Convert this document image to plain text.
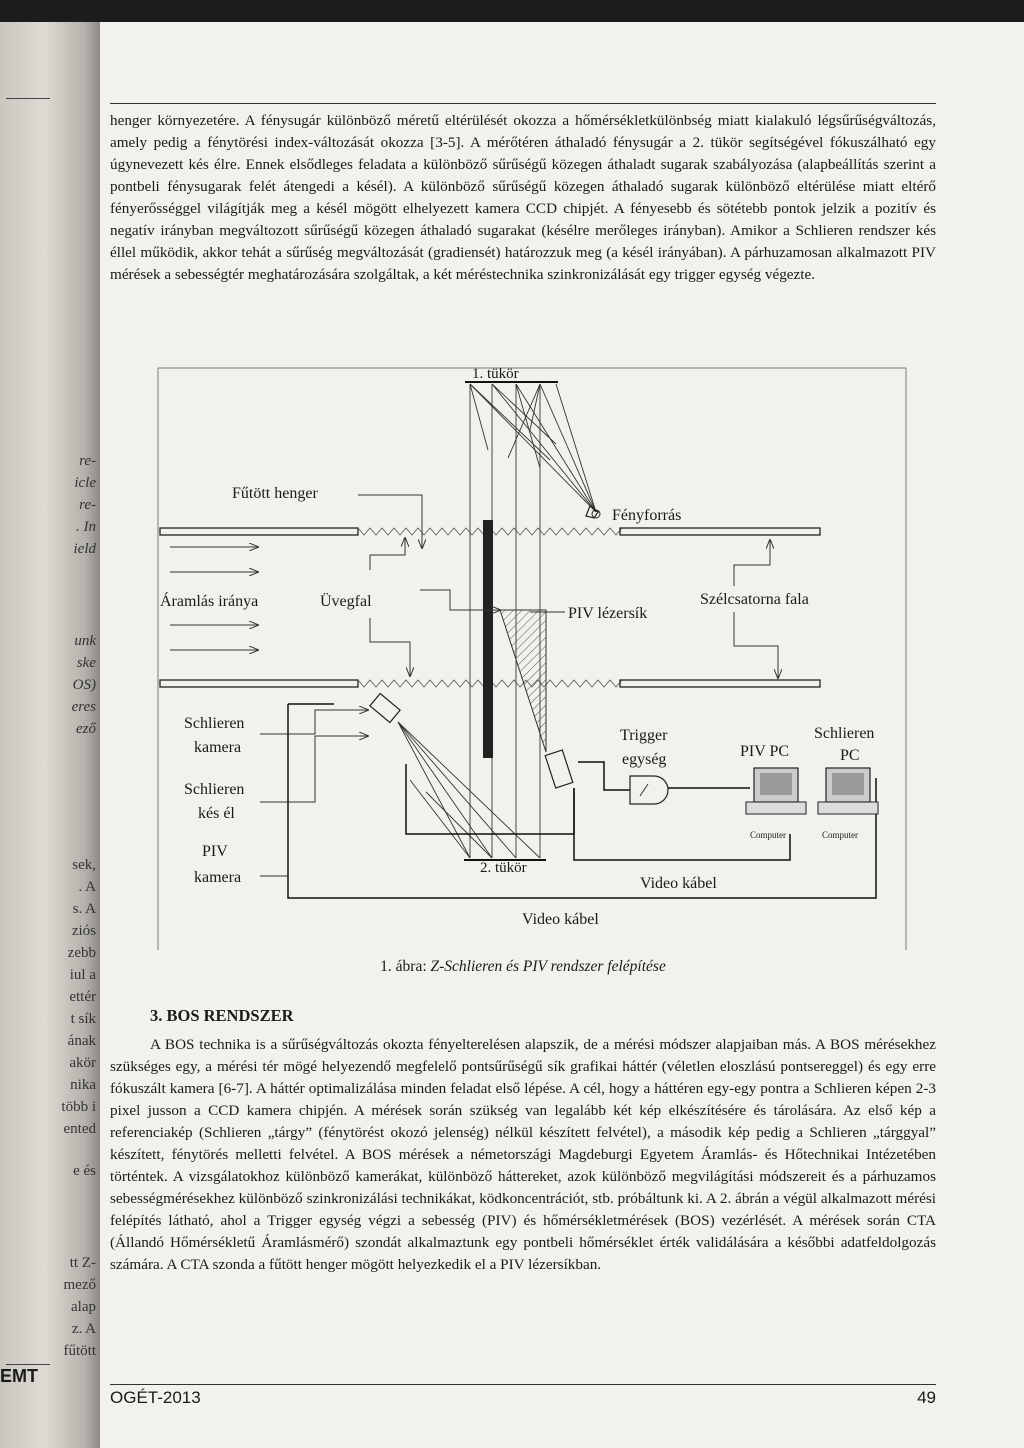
re-
icle
re-
. In
ield
unk
ske
OS)
eres
ező
sek,
. A
s. A
ziós
zebb
iul a
ettér
t sík
ának
akör
nika
több i
ented
e és
tt Z-
mező
alap
z. A
fűtött
EMT
henger környezetére. A fénysugár különböző méretű eltérülését okozza a hőmérsékletkülönbség miatt kialakuló légsűrűségváltozás, amely pedig a fénytörési index-változását okozza [3-5]. A mérőtéren áthaladó fénysugár a 2. tükör segítségével fókuszálható egy úgynevezett kés élre. Ennek elsődleges feladata a különböző sűrűségű közegen áthaladt sugarak szabályozása (alapbeállítás szerint a pontbeli fénysugarak felét átengedi a késél). A különböző sűrűségű közegen áthaladó sugarak különböző eltérülése miatt eltérő fényerősséggel világítják meg a késél mögött elhelyezett kamera CCD chipjét. A fényesebb és sötétebb pontok jelzik a pozitív és negatív irányban megváltozott sűrűségű közegen áthaladó sugarakat (késélre merőleges irányban). Amikor a Schlieren rendszer kés éllel működik, akkor tehát a sűrűség megváltozását (gradiensét) határozzuk meg (a késél irányában). A párhuzamosan alkalmazott PIV mérések a sebességtér meghatározására szolgáltak, a két méréstechnika szinkronizálását egy trigger egység végezte.
1. tükör
Fényforrás
Fűtött henger
Üvegfal
PIV lézersík
Szélcsatorna fala
Áramlás iránya
2. tükör
Schlieren
kamera
Schlieren
kés él
PIV
kamera
Trigger
egység	PIV PC
Computer
Schlieren
PC
Computer
Video kábel
Video kábel
1. ábra: Z-Schlieren és PIV rendszer felépítése
3. BOS RENDSZER
A BOS technika is a sűrűségváltozás okozta fényelterelésen alapszik, de a mérési módszer alapjaiban más. A BOS mérésekhez szükséges egy, a mérési tér mögé helyezendő megfelelő pontsűrűségű sík grafikai háttér (véletlen eloszlású pontsereggel) és egy erre fókuszált kamera [6-7]. A háttér optimalizálása minden feladat első lépése. A cél, hogy a háttéren egy-egy pontra a Schlieren képen 2-3 pixel jusson a CCD kamera chipjén. A mérések során szükség van legalább két kép elkészítésére és tárolására. Az első kép a referenciakép (Schlieren „tárgy” (fénytörést okozó jelenség) nélkül készített felvétel), a második kép pedig a Schlieren „tárggyal” készített, fénytörés melletti felvétel. A BOS mérések a németországi Magdeburgi Egyetem Áramlás- és Hőtechnikai Intézetében történtek. A vizsgálatokhoz különböző kamerákat, különböző háttereket, azok különböző megvilágítási módszereit és a párhuzamos sebességmérésekhez különböző szinkronizálási technikákat, ködkoncentrációt, stb. próbáltunk ki. A 2. ábrán a végül alkalmazott mérési felépítés látható, ahol a Trigger egység végzi a sebesség (PIV) és hőmérsékletmérések (BOS) vezérlését. A mérések során CTA (Állandó Hőmérsékletű Áramlásmérő) szondát alkalmaztunk egy pontbeli hőmérséklet érték validálására a későbbi adatfeldolgozás számára. A CTA szonda a fűtött henger mögött helyezkedik el a PIV lézersíkban.
OGÉT-2013	49
